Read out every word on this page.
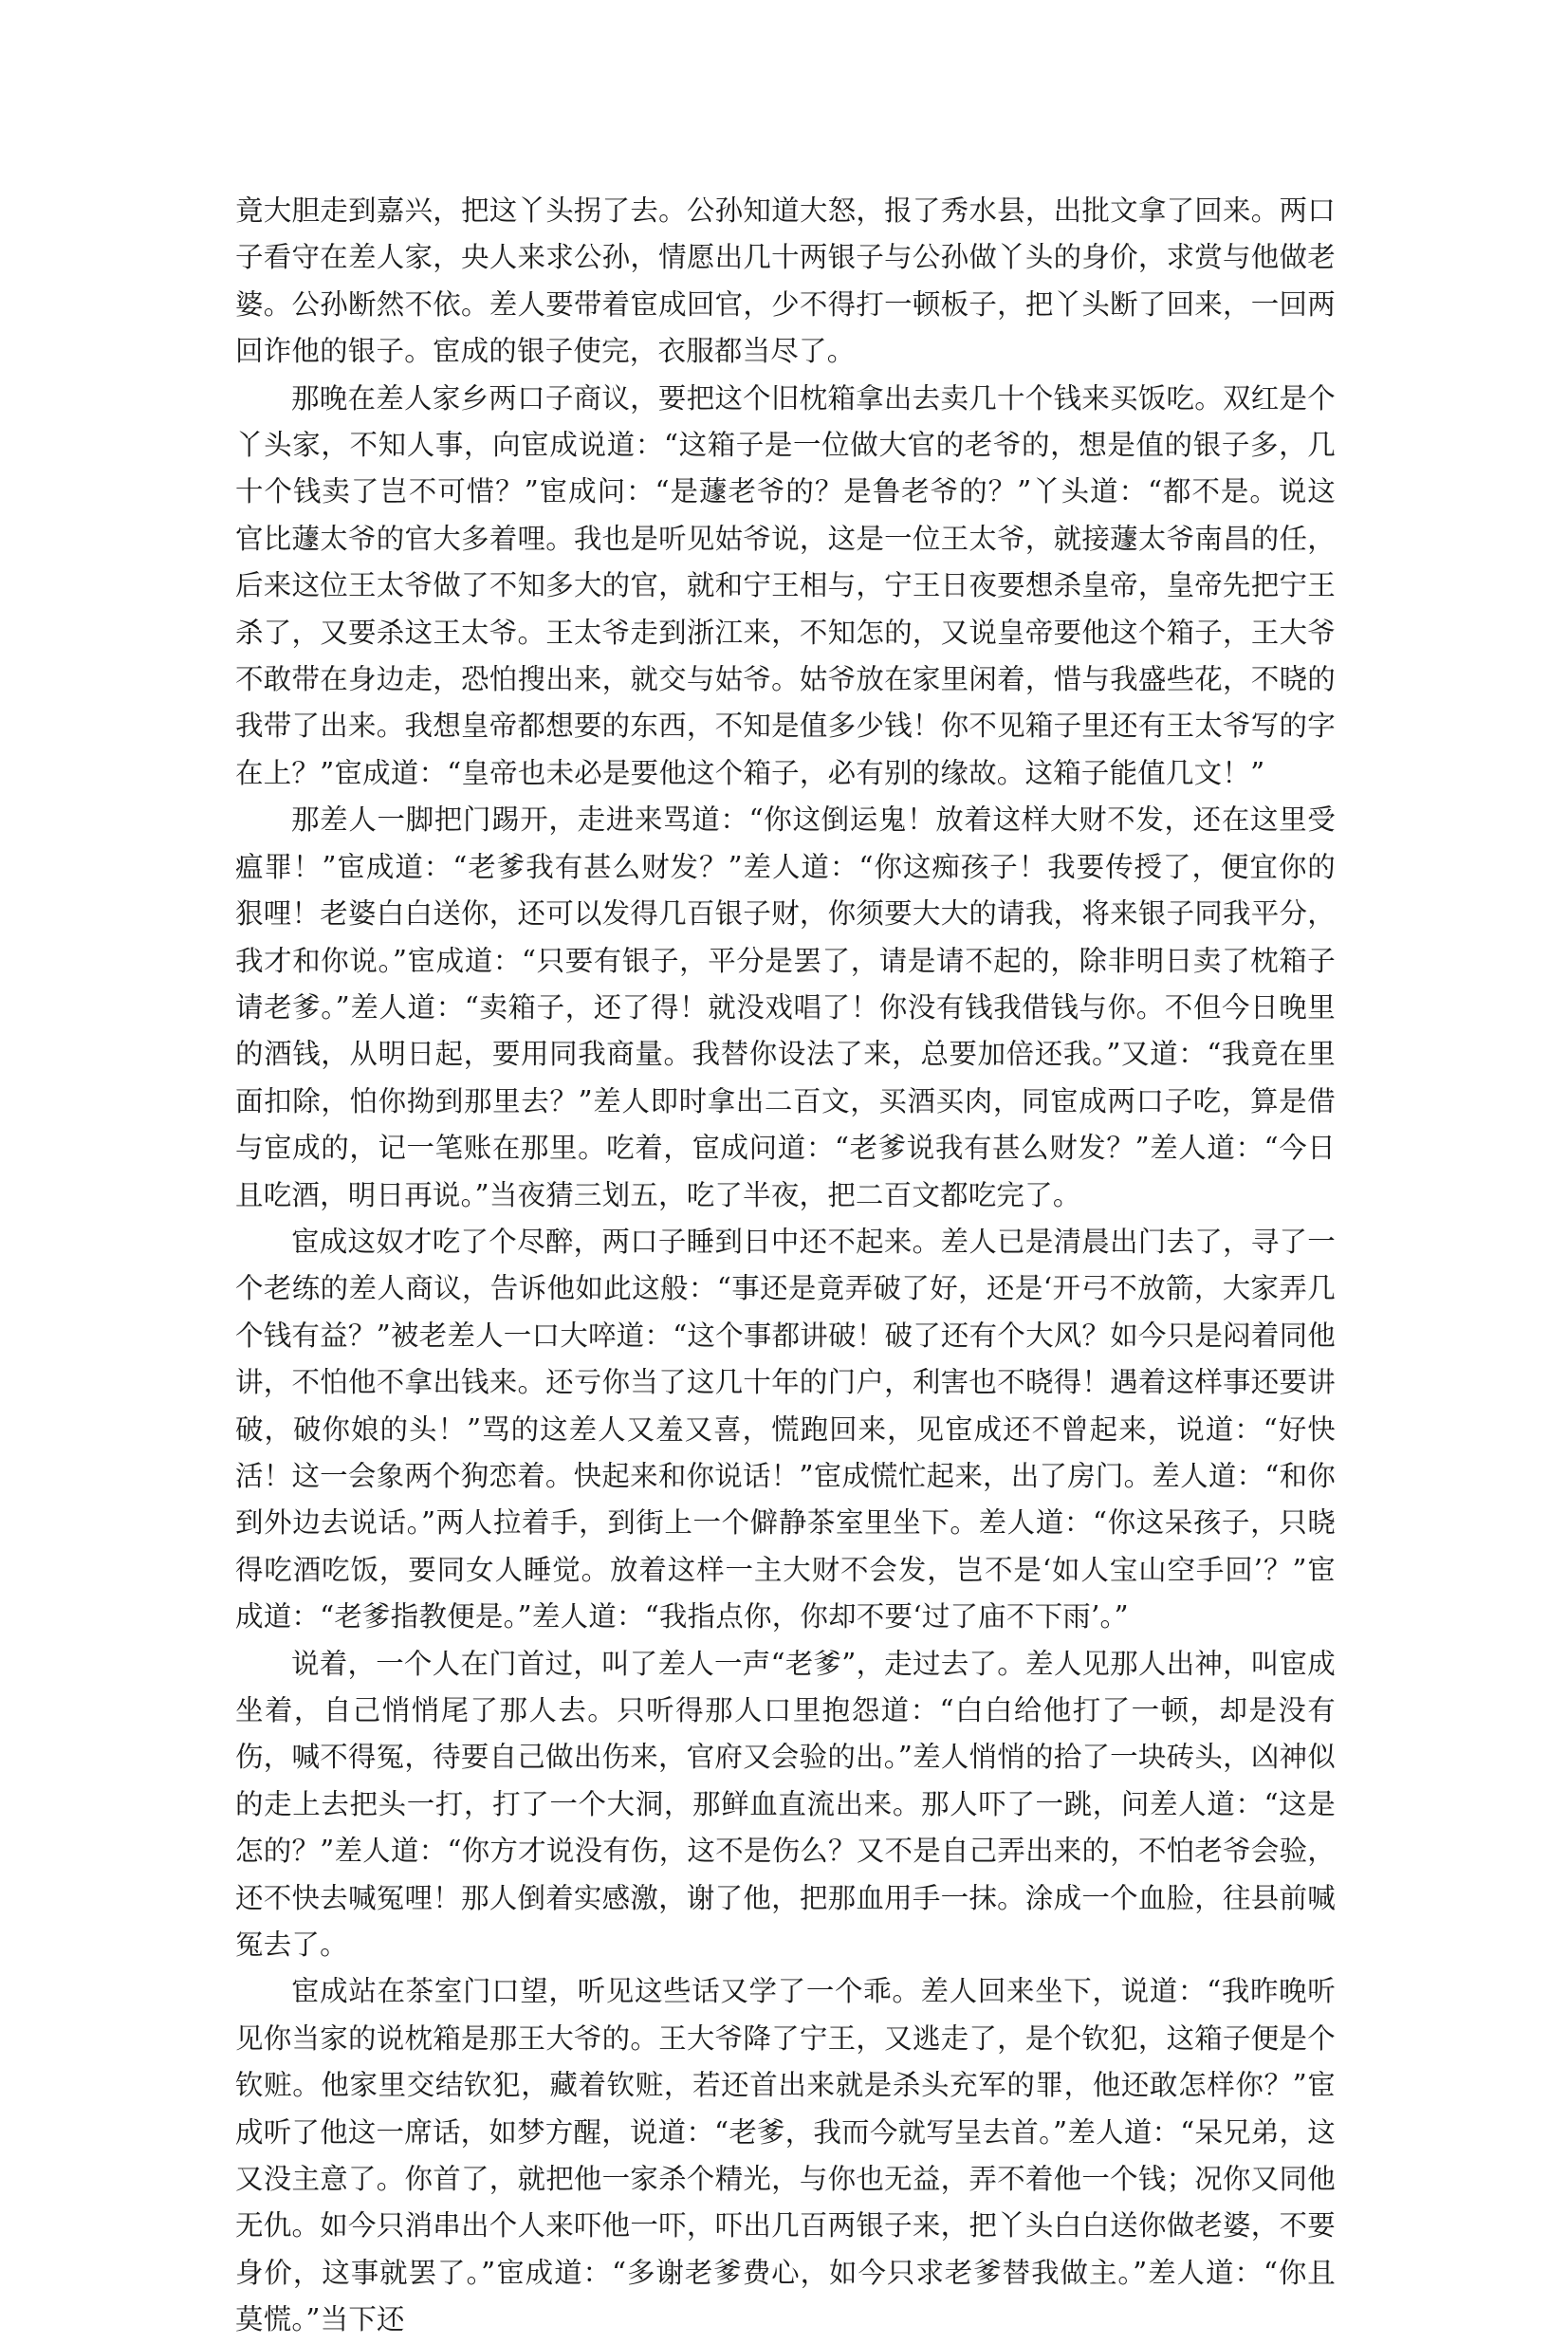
竟大胆走到嘉兴，把这丫头拐了去。公孙知道大怒，报了秀水县，出批文拿了回来。两口子看守在差人家，央人来求公孙，情愿出几十两银子与公孙做丫头的身价，求赏与他做老婆。公孙断然不依。差人要带着宦成回官，少不得打一顿板子，把丫头断了回来，一回两回诈他的银子。宦成的银子使完，衣服都当尽了。

那晚在差人家乡两口子商议，要把这个旧枕箱拿出去卖几十个钱来买饭吃。双红是个丫头家，不知人事，向宦成说道：“这箱子是一位做大官的老爷的，想是值的银子多，几十个钱卖了岂不可惜？”宦成问：“是蘧老爷的？是鲁老爷的？”丫头道：“都不是。说这官比蘧太爷的官大多着哩。我也是听见姑爷说，这是一位王太爷，就接蘧太爷南昌的任，后来这位王太爷做了不知多大的官，就和宁王相与，宁王日夜要想杀皇帝，皇帝先把宁王杀了，又要杀这王太爷。王太爷走到浙江来，不知怎的，又说皇帝要他这个箱子，王大爷不敢带在身边走，恐怕搜出来，就交与姑爷。姑爷放在家里闲着，惜与我盛些花，不晓的我带了出来。我想皇帝都想要的东西，不知是值多少钱！你不见箱子里还有王太爷写的字在上？”宦成道：“皇帝也未必是要他这个箱子，必有别的缘故。这箱子能值几文！”

那差人一脚把门踢开，走进来骂道：“你这倒运鬼！放着这样大财不发，还在这里受瘟罪！”宦成道：“老爹我有甚么财发？”差人道：“你这痴孩子！我要传授了，便宜你的狠哩！老婆白白送你，还可以发得几百银子财，你须要大大的请我，将来银子同我平分，我才和你说。”宦成道：“只要有银子，平分是罢了，请是请不起的，除非明日卖了枕箱子请老爹。”差人道：“卖箱子，还了得！就没戏唱了！你没有钱我借钱与你。不但今日晚里的酒钱，从明日起，要用同我商量。我替你设法了来，总要加倍还我。”又道：“我竟在里面扣除，怕你拗到那里去？”差人即时拿出二百文，买酒买肉，同宦成两口子吃，算是借与宦成的，记一笔账在那里。吃着，宦成问道：“老爹说我有甚么财发？”差人道：“今日且吃酒，明日再说。”当夜猜三划五，吃了半夜，把二百文都吃完了。

宦成这奴才吃了个尽醉，两口子睡到日中还不起来。差人已是清晨出门去了，寻了一个老练的差人商议，告诉他如此这般：“事还是竟弄破了好，还是‘开弓不放箭，大家弄几个钱有益？”被老差人一口大啐道：“这个事都讲破！破了还有个大风？如今只是闷着同他讲，不怕他不拿出钱来。还亏你当了这几十年的门户，利害也不晓得！遇着这样事还要讲破，破你娘的头！”骂的这差人又羞又喜，慌跑回来，见宦成还不曾起来，说道：“好快活！这一会象两个狗恋着。快起来和你说话！”宦成慌忙起来，出了房门。差人道：“和你到外边去说话。”两人拉着手，到街上一个僻静茶室里坐下。差人道：“你这呆孩子，只晓得吃酒吃饭，要同女人睡觉。放着这样一主大财不会发，岂不是‘如人宝山空手回’？”宦成道：“老爹指教便是。”差人道：“我指点你，你却不要‘过了庙不下雨’。”

说着，一个人在门首过，叫了差人一声“老爹”，走过去了。差人见那人出神，叫宦成坐着，自己悄悄尾了那人去。只听得那人口里抱怨道：“白白给他打了一顿，却是没有伤，喊不得冤，待要自己做出伤来，官府又会验的出。”差人悄悄的拾了一块砖头，凶神似的走上去把头一打，打了一个大洞，那鲜血直流出来。那人吓了一跳，问差人道：“这是怎的？”差人道：“你方才说没有伤，这不是伤么？又不是自己弄出来的，不怕老爷会验，还不快去喊冤哩！那人倒着实感激，谢了他，把那血用手一抹。涂成一个血脸，往县前喊冤去了。

宦成站在茶室门口望，听见这些话又学了一个乖。差人回来坐下，说道：“我昨晚听见你当家的说枕箱是那王大爷的。王大爷降了宁王，又逃走了，是个钦犯，这箱子便是个钦赃。他家里交结钦犯，藏着钦赃，若还首出来就是杀头充军的罪，他还敢怎样你？”宦成听了他这一席话，如梦方醒，说道：“老爹，我而今就写呈去首。”差人道：“呆兄弟，这又没主意了。你首了，就把他一家杀个精光，与你也无益，弄不着他一个钱；况你又同他无仇。如今只消串出个人来吓他一吓，吓出几百两银子来，把丫头白白送你做老婆，不要身价，这事就罢了。”宦成道：“多谢老爹费心，如今只求老爹替我做主。”差人道：“你且莫慌。”当下还
